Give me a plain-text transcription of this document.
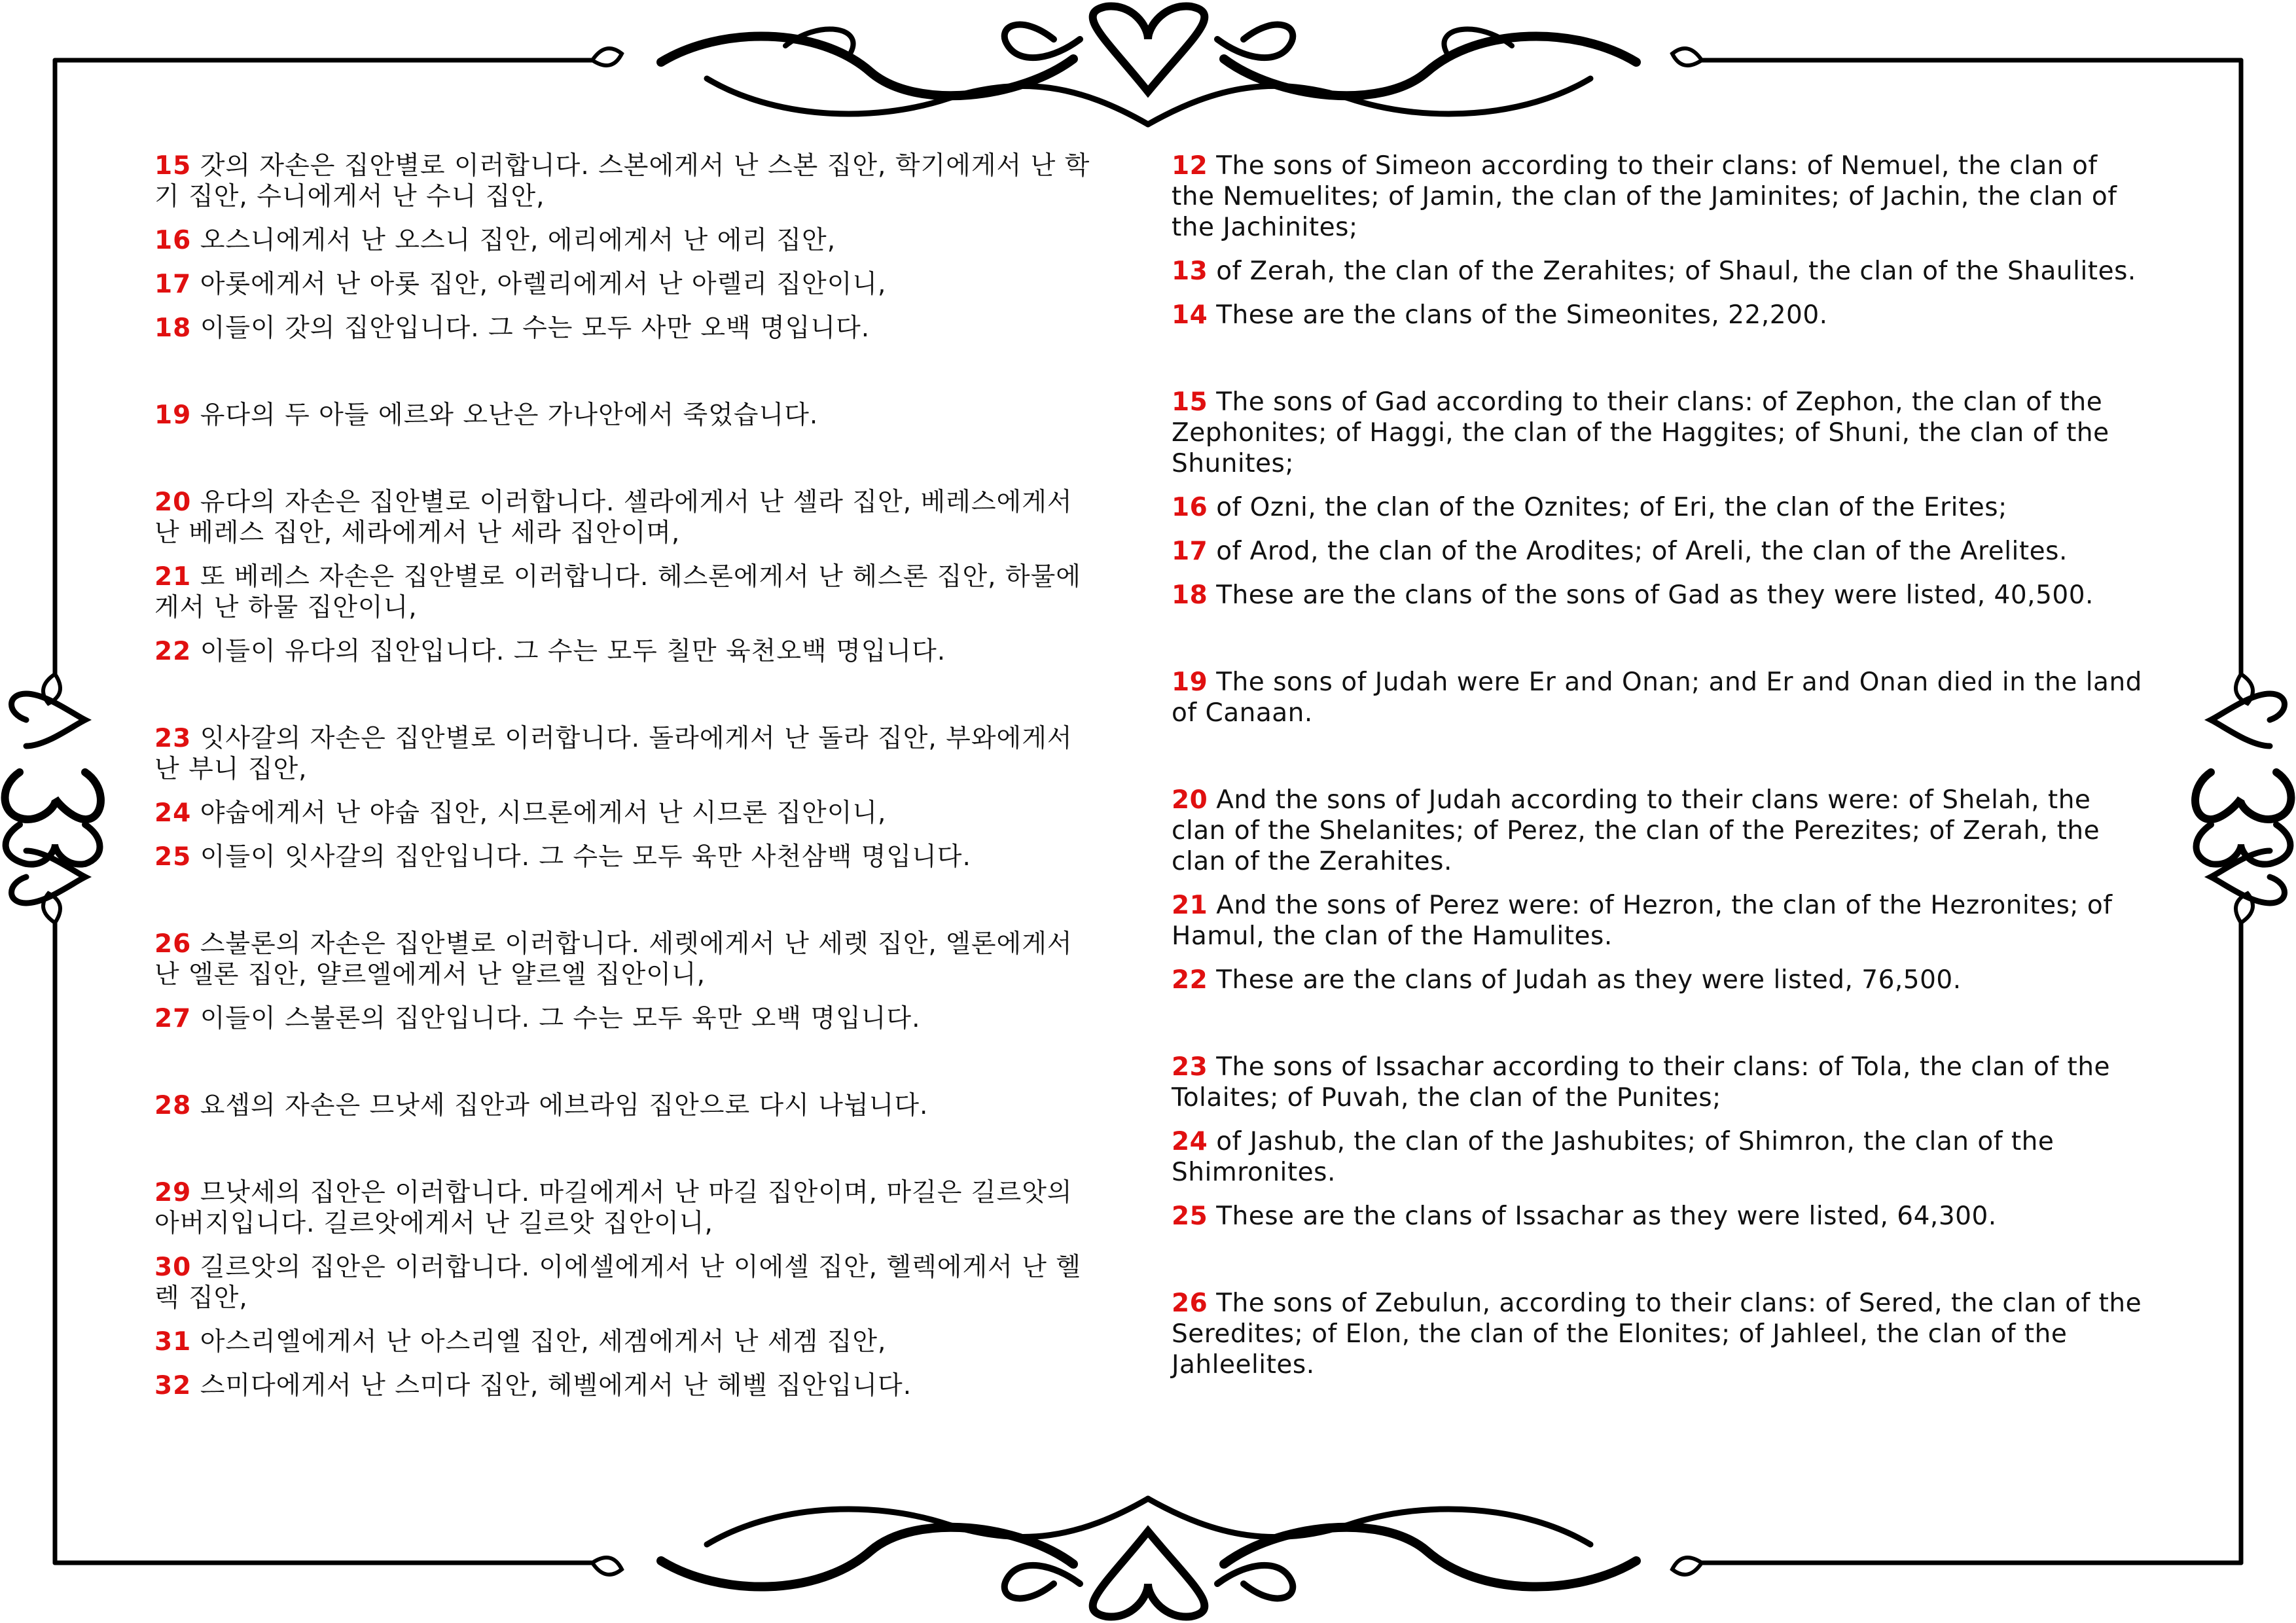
15 갓의 자손은 집안별로 이러합니다. 스본에게서 난 스본 집안, 학기에게서 난 학기 집안, 수니에게서 난 수니 집안,

16 오스니에게서 난 오스니 집안, 에리에게서 난 에리 집안,

17 아롯에게서 난 아롯 집안, 아렐리에게서 난 아렐리 집안이니,

18 이들이 갓의 집안입니다. 그 수는 모두 사만 오백 명입니다.

19 유다의 두 아들 에르와 오난은 가나안에서 죽었습니다.

20 유다의 자손은 집안별로 이러합니다. 셀라에게서 난 셀라 집안, 베레스에게서 난 베레스 집안, 세라에게서 난 세라 집안이며,

21 또 베레스 자손은 집안별로 이러합니다. 헤스론에게서 난 헤스론 집안, 하물에게서 난 하물 집안이니,

22 이들이 유다의 집안입니다. 그 수는 모두 칠만 육천오백 명입니다.

23 잇사갈의 자손은 집안별로 이러합니다. 돌라에게서 난 돌라 집안, 부와에게서 난 부니 집안,

24 야숩에게서 난 야숩 집안, 시므론에게서 난 시므론 집안이니,

25 이들이 잇사갈의 집안입니다. 그 수는 모두 육만 사천삼백 명입니다.

26 스불론의 자손은 집안별로 이러합니다. 세렛에게서 난 세렛 집안, 엘론에게서 난 엘론 집안, 얄르엘에게서 난 얄르엘 집안이니,

27 이들이 스불론의 집안입니다. 그 수는 모두 육만 오백 명입니다.

28 요셉의 자손은 므낫세 집안과 에브라임 집안으로 다시 나뉩니다.

29 므낫세의 집안은 이러합니다. 마길에게서 난 마길 집안이며, 마길은 길르앗의 아버지입니다. 길르앗에게서 난 길르앗 집안이니,

30 길르앗의 집안은 이러합니다. 이에셀에게서 난 이에셀 집안, 헬렉에게서 난 헬렉 집안,

31 아스리엘에게서 난 아스리엘 집안, 세겜에게서 난 세겜 집안,

32 스미다에게서 난 스미다 집안, 헤벨에게서 난 헤벨 집안입니다.

12 The sons of Simeon according to their clans: of Nemuel, the clan of the Nemuelites; of Jamin, the clan of the Jaminites; of Jachin, the clan of the Jachinites;

13 of Zerah, the clan of the Zerahites; of Shaul, the clan of the Shaulites.

14 These are the clans of the Simeonites, 22,200.

15 The sons of Gad according to their clans: of Zephon, the clan of the Zephonites; of Haggi, the clan of the Haggites; of Shuni, the clan of the Shunites;

16 of Ozni, the clan of the Oznites; of Eri, the clan of the Erites;

17 of Arod, the clan of the Arodites; of Areli, the clan of the Arelites.

18 These are the clans of the sons of Gad as they were listed, 40,500.

19 The sons of Judah were Er and Onan; and Er and Onan died in the land of Canaan.

20 And the sons of Judah according to their clans were: of Shelah, the clan of the Shelanites; of Perez, the clan of the Perezites; of Zerah, the clan of the Zerahites.

21 And the sons of Perez were: of Hezron, the clan of the Hezronites; of Hamul, the clan of the Hamulites.

22 These are the clans of Judah as they were listed, 76,500.

23 The sons of Issachar according to their clans: of Tola, the clan of the Tolaites; of Puvah, the clan of the Punites;

24 of Jashub, the clan of the Jashubites; of Shimron, the clan of the Shimronites.

25 These are the clans of Issachar as they were listed, 64,300.

26 The sons of Zebulun, according to their clans: of Sered, the clan of the Seredites; of Elon, the clan of the Elonites; of Jahleel, the clan of the Jahleelites.
